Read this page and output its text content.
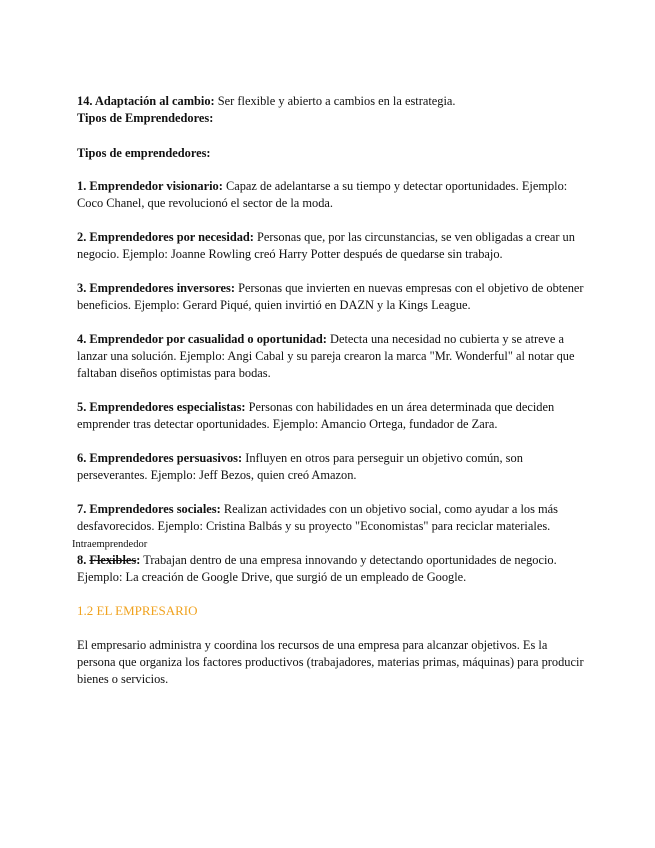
14. Adaptación al cambio: Ser flexible y abierto a cambios en la estrategia.

Tipos de Emprendedores:

Tipos de emprendedores:

1. Emprendedor visionario: Capaz de adelantarse a su tiempo y detectar oportunidades. Ejemplo: Coco Chanel, que revolucionó el sector de la moda.

2. Emprendedores por necesidad: Personas que, por las circunstancias, se ven obligadas a crear un negocio. Ejemplo: Joanne Rowling creó Harry Potter después de quedarse sin trabajo.

3. Emprendedores inversores: Personas que invierten en nuevas empresas con el objetivo de obtener beneficios. Ejemplo: Gerard Piqué, quien invirtió en DAZN y la Kings League.

4. Emprendedor por casualidad o oportunidad: Detecta una necesidad no cubierta y se atreve a lanzar una solución. Ejemplo: Angi Cabal y su pareja crearon la marca "Mr. Wonderful" al notar que faltaban diseños optimistas para bodas.

5. Emprendedores especialistas: Personas con habilidades en un área determinada que deciden emprender tras detectar oportunidades. Ejemplo: Amancio Ortega, fundador de Zara.

6. Emprendedores persuasivos: Influyen en otros para perseguir un objetivo común, son perseverantes. Ejemplo: Jeff Bezos, quien creó Amazon.

7. Emprendedores sociales: Realizan actividades con un objetivo social, como ayudar a los más desfavorecidos. Ejemplo: Cristina Balbás y su proyecto "Economistas" para reciclar materiales.

Intraemprendedor

8. Flexibles: Trabajan dentro de una empresa innovando y detectando oportunidades de negocio. Ejemplo: La creación de Google Drive, que surgió de un empleado de Google.

1.2 EL EMPRESARIO

El empresario administra y coordina los recursos de una empresa para alcanzar objetivos. Es la persona que organiza los factores productivos (trabajadores, materias primas, máquinas) para producir bienes o servicios.
